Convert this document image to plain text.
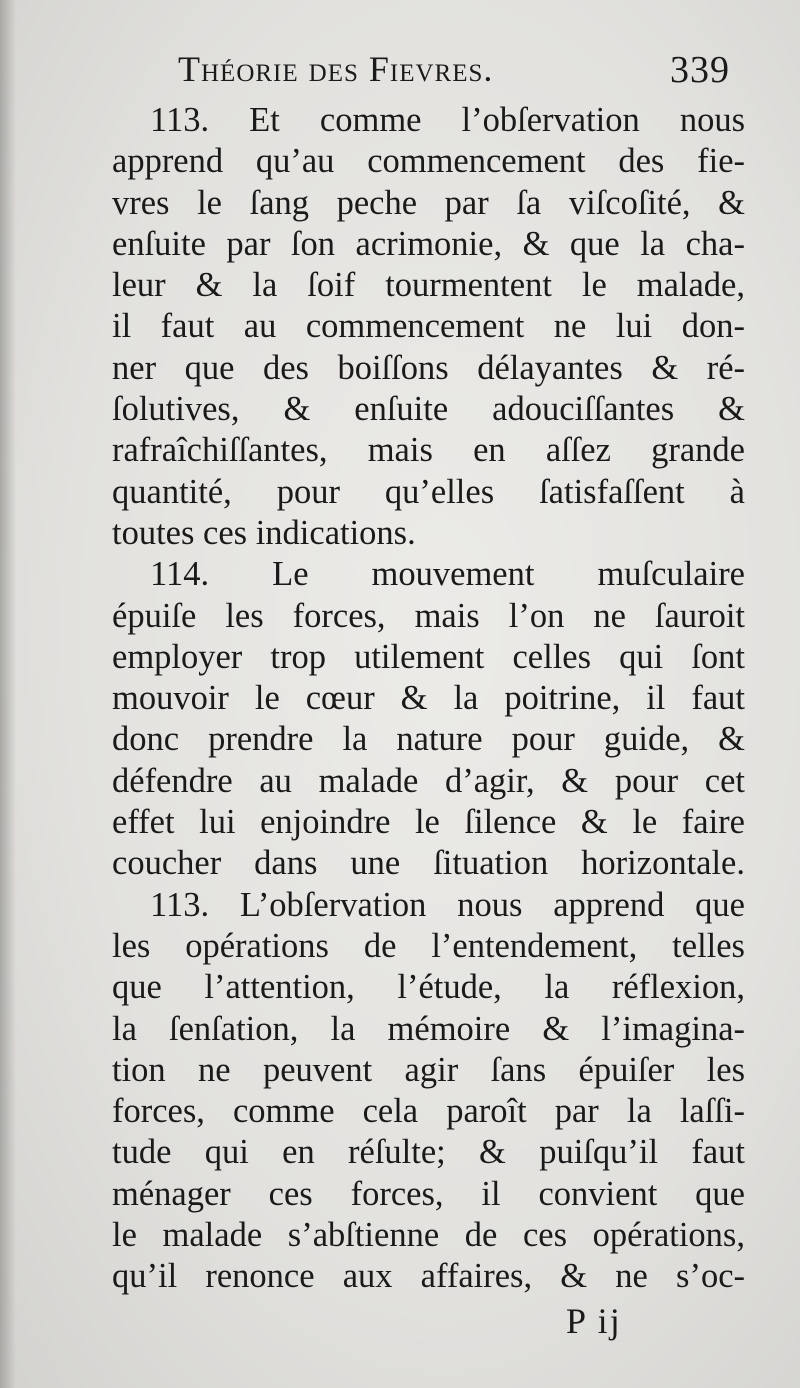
Théorie des Fievres.	339
113. Et comme l’obſervation nous
apprend qu’au commencement des fie-
vres le ſang peche par ſa viſcoſité, &
enſuite par ſon acrimonie, & que la cha-
leur & la ſoif tourmentent le malade,
il faut au commencement ne lui don-
ner que des boiſſons délayantes & ré-
ſolutives, & enſuite adouciſſantes &
rafraîchiſſantes, mais en aſſez grande
quantité, pour qu’elles ſatisfaſſent à
toutes ces indications.
114. Le mouvement muſculaire
épuiſe les forces, mais l’on ne ſauroit
employer trop utilement celles qui ſont
mouvoir le cœur & la poitrine, il faut
donc prendre la nature pour guide, &
défendre au malade d’agir, & pour cet
effet lui enjoindre le ſilence & le faire
coucher dans une ſituation horizontale.
113. L’obſervation nous apprend que
les opérations de l’entendement, telles
que l’attention, l’étude, la réflexion,
la ſenſation, la mémoire & l’imagina-
tion ne peuvent agir ſans épuiſer les
forces, comme cela paroît par la laſſi-
tude qui en réſulte; & puiſqu’il faut
ménager ces forces, il convient que
le malade s’abſtienne de ces opérations,
qu’il renonce aux affaires, & ne s’oc-
P ij
